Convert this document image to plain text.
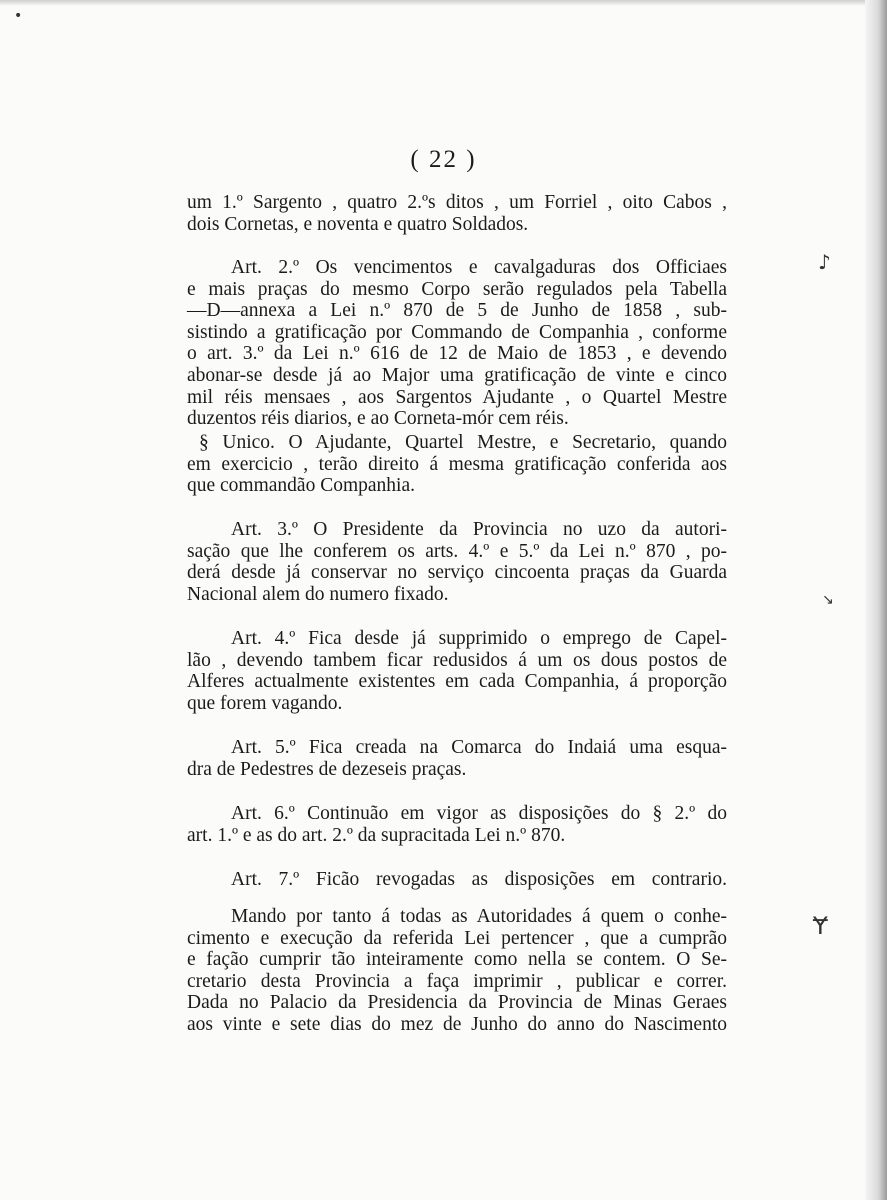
•
♪
↘
Ɏ
( 22 )
um 1.º Sargento , quatro 2.ºs ditos , um Forriel , oito Cabos ,
dois Cornetas, e noventa e quatro Soldados.
Art. 2.º Os vencimentos e cavalgaduras dos Officiaes
e mais praças do mesmo Corpo serão regulados pela Tabella
—D—annexa a Lei n.º 870 de 5 de Junho de 1858 , sub-
sistindo a gratificação por Commando de Companhia , conforme
o art. 3.º da Lei n.º 616 de 12 de Maio de 1853 , e devendo
abonar-se desde já ao Major uma gratificação de vinte e cinco
mil réis mensaes , aos Sargentos Ajudante , o Quartel Mestre
duzentos réis diarios, e ao Corneta-mór cem réis.
§ Unico. O Ajudante, Quartel Mestre, e Secretario, quando
em exercicio , terão direito á mesma gratificação conferida aos
que commandão Companhia.
Art. 3.º O Presidente da Provincia no uzo da autori-
sação que lhe conferem os arts. 4.º e 5.º da Lei n.º 870 , po-
derá desde já conservar no serviço cincoenta praças da Guarda
Nacional alem do numero fixado.
Art. 4.º Fica desde já supprimido o emprego de Capel-
lão , devendo tambem ficar redusidos á um os dous postos de
Alferes actualmente existentes em cada Companhia, á proporção
que forem vagando.
Art. 5.º Fica creada na Comarca do Indaiá uma esqua-
dra de Pedestres de dezeseis praças.
Art. 6.º Continuão em vigor as disposições do § 2.º do
art. 1.º e as do art. 2.º da supracitada Lei n.º 870.
Art. 7.º Ficão revogadas as disposições em contrario.
Mando por tanto á todas as Autoridades á quem o conhe-
cimento e execução da referida Lei pertencer , que a cumprão
e fação cumprir tão inteiramente como nella se contem. O Se-
cretario desta Provincia a faça imprimir , publicar e correr.
Dada no Palacio da Presidencia da Provincia de Minas Geraes
aos vinte e sete dias do mez de Junho do anno do Nascimento
